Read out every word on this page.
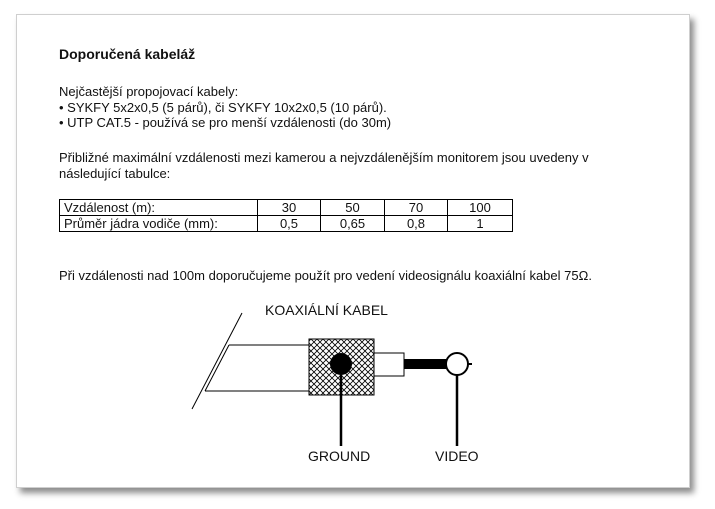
Doporučená kabeláž
Nejčastější propojovací kabely:
• SYKFY 5x2x0,5 (5 párů), či SYKFY 10x2x0,5 (10 párů).
• UTP CAT.5 - používá se pro menší vzdálenosti (do 30m)

Přibližné maximální vzdálenosti mezi kamerou a nejvzdálenějším monitorem jsou uvedeny v následující tabulce:

Vzdálenost (m):	30	50	70	100
Průměr jádra vodiče (mm):	0,5	0,65	0,8	1

Při vzdálenosti nad 100m doporučujeme použít pro vedení videosignálu koaxiální kabel 75Ω.

KOAXIÁLNÍ KABEL
GROUND	VIDEO
